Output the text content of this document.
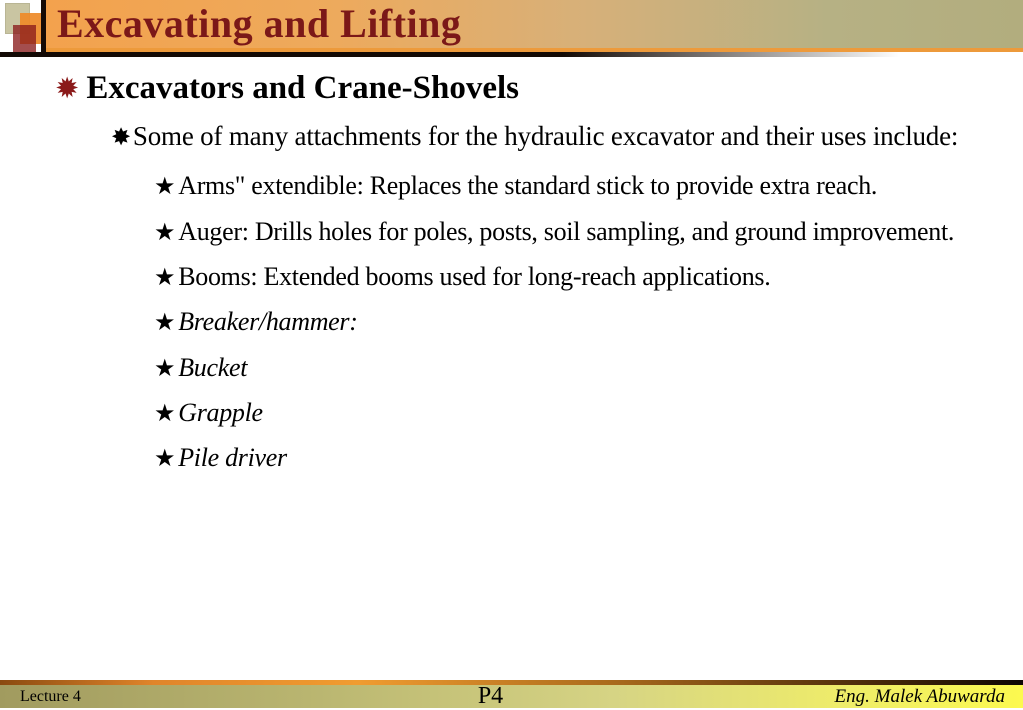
Excavating and Lifting
✹ Excavators and Crane-Shovels
✸Some of many attachments for the hydraulic excavator and their uses include:
★ Arms" extendible: Replaces the standard stick to provide extra reach.
★ Auger: Drills holes for poles, posts, soil sampling, and ground improvement.
★ Booms: Extended booms used for long-reach applications.
★ Breaker/hammer:
★ Bucket
★ Grapple
★ Pile driver
Lecture 4	P4	Eng. Malek Abuwarda
